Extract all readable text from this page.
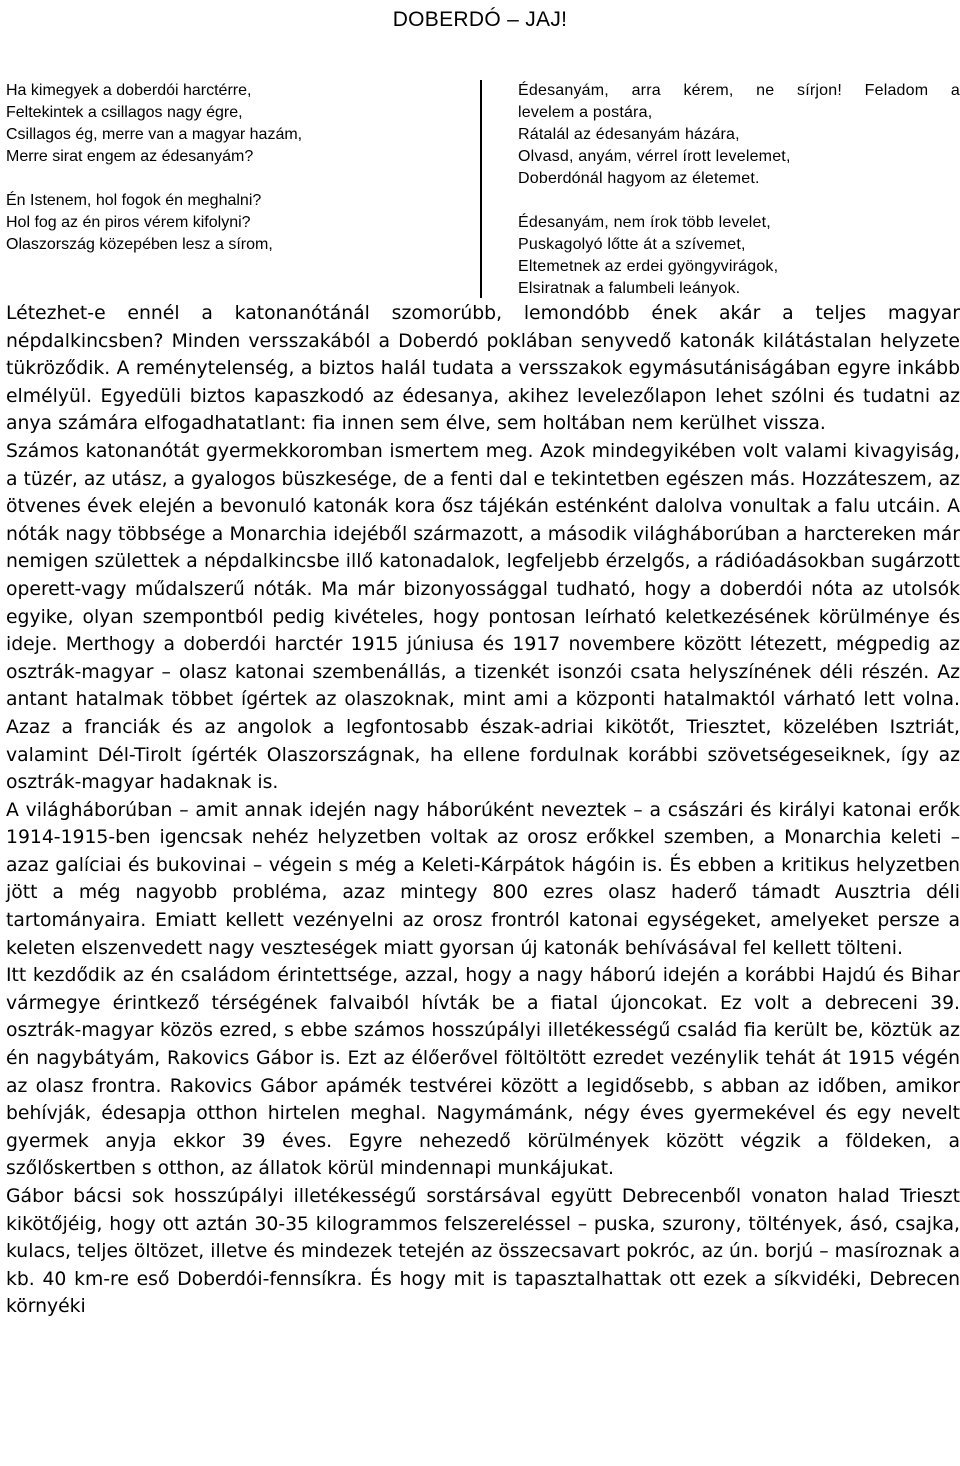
DOBERDÓ – JAJ!
Ha kimegyek a doberdói harctérre,
Feltekintek a csillagos nagy égre,
Csillagos ég, merre van a magyar hazám,
Merre sirat engem az édesanyám?
Én Istenem, hol fogok én meghalni?
Hol fog az én piros vérem kifolyni?
Olaszország közepében lesz a sírom,
Édesanyám, arra kérem, ne sírjon! Feladom a
levelem a postára,
Rátalál az édesanyám házára,
Olvasd, anyám, vérrel írott levelemet,
Doberdónál hagyom az életemet.
Édesanyám, nem írok több levelet,
Puskagolyó lőtte át a szívemet,
Eltemetnek az erdei gyöngyvirágok,
Elsiratnak a falumbeli leányok.

Létezhet-e ennél a katonanótánál szomorúbb, lemondóbb ének akár a teljes magyar népdalkincsben? Minden versszakából a Doberdó poklában senyvedő katonák kilátástalan helyzete tükröződik. A reménytelenség, a biztos halál tudata a versszakok egymásutániságában egyre inkább elmélyül. Egyedüli biztos kapaszkodó az édesanya, akihez levelezőlapon lehet szólni és tudatni az anya számára elfogadhatatlant: fia innen sem élve, sem holtában nem kerülhet vissza.

Számos katonanótát gyermekkoromban ismertem meg. Azok mindegyikében volt valami kivagyiság, a tüzér, az utász, a gyalogos büszkesége, de a fenti dal e tekintetben egészen más. Hozzáteszem, az ötvenes évek elején a bevonuló katonák kora ősz tájékán esténként dalolva vonultak a falu utcáin. A nóták nagy többsége a Monarchia idejéből származott, a második világháborúban a harctereken már nemigen születtek a népdalkincsbe illő katonadalok, legfeljebb érzelgős, a rádióadásokban sugárzott operett-vagy műdalszerű nóták. Ma már bizonyossággal tudható, hogy a doberdói nóta az utolsók egyike, olyan szempontból pedig kivételes, hogy pontosan leírható keletkezésének körülménye és ideje. Merthogy a doberdói harctér 1915 júniusa és 1917 novembere között létezett, mégpedig az osztrák-magyar – olasz katonai szembenállás, a tizenkét isonzói csata helyszínének déli részén. Az antant hatalmak többet ígértek az olaszoknak, mint ami a központi hatalmaktól várható lett volna. Azaz a franciák és az angolok a legfontosabb észak-adriai kikötőt, Triesztet, közelében Isztriát, valamint Dél-Tirolt ígérték Olaszországnak, ha ellene fordulnak korábbi szövetségeseiknek, így az osztrák-magyar hadaknak is.

A világháborúban – amit annak idején nagy háborúként neveztek – a császári és királyi katonai erők 1914-1915-ben igencsak nehéz helyzetben voltak az orosz erőkkel szemben, a Monarchia keleti – azaz galíciai és bukovinai – végein s még a Keleti-Kárpátok hágóin is. És ebben a kritikus helyzetben jött a még nagyobb probléma, azaz mintegy 800 ezres olasz haderő támadt Ausztria déli tartományaira. Emiatt kellett vezényelni az orosz frontról katonai egységeket, amelyeket persze a keleten elszenvedett nagy veszteségek miatt gyorsan új katonák behívásával fel kellett tölteni.

Itt kezdődik az én családom érintettsége, azzal, hogy a nagy háború idején a korábbi Hajdú és Bihar vármegye érintkező térségének falvaiból hívták be a fiatal újoncokat. Ez volt a debreceni 39. osztrák-magyar közös ezred, s ebbe számos hosszúpályi illetékességű család fia került be, köztük az én nagybátyám, Rakovics Gábor is. Ezt az élőerővel föltöltött ezredet vezénylik tehát át 1915 végén az olasz frontra. Rakovics Gábor apámék testvérei között a legidősebb, s abban az időben, amikor behívják, édesapja otthon hirtelen meghal. Nagymámánk, négy éves gyermekével és egy nevelt gyermek anyja ekkor 39 éves. Egyre nehezedő körülmények között végzik a földeken, a szőlőskertben s otthon, az állatok körül mindennapi munkájukat.

Gábor bácsi sok hosszúpályi illetékességű sorstársával együtt Debrecenből vonaton halad Trieszt kikötőjéig, hogy ott aztán 30-35 kilogrammos felszereléssel – puska, szurony, töltények, ásó, csajka, kulacs, teljes öltözet, illetve és mindezek tetején az összecsavart pokróc, az ún. borjú – masíroznak a kb. 40 km-re eső Doberdói-fennsíkra. És hogy mit is tapasztalhattak ott ezek a síkvidéki, Debrecen környéki
